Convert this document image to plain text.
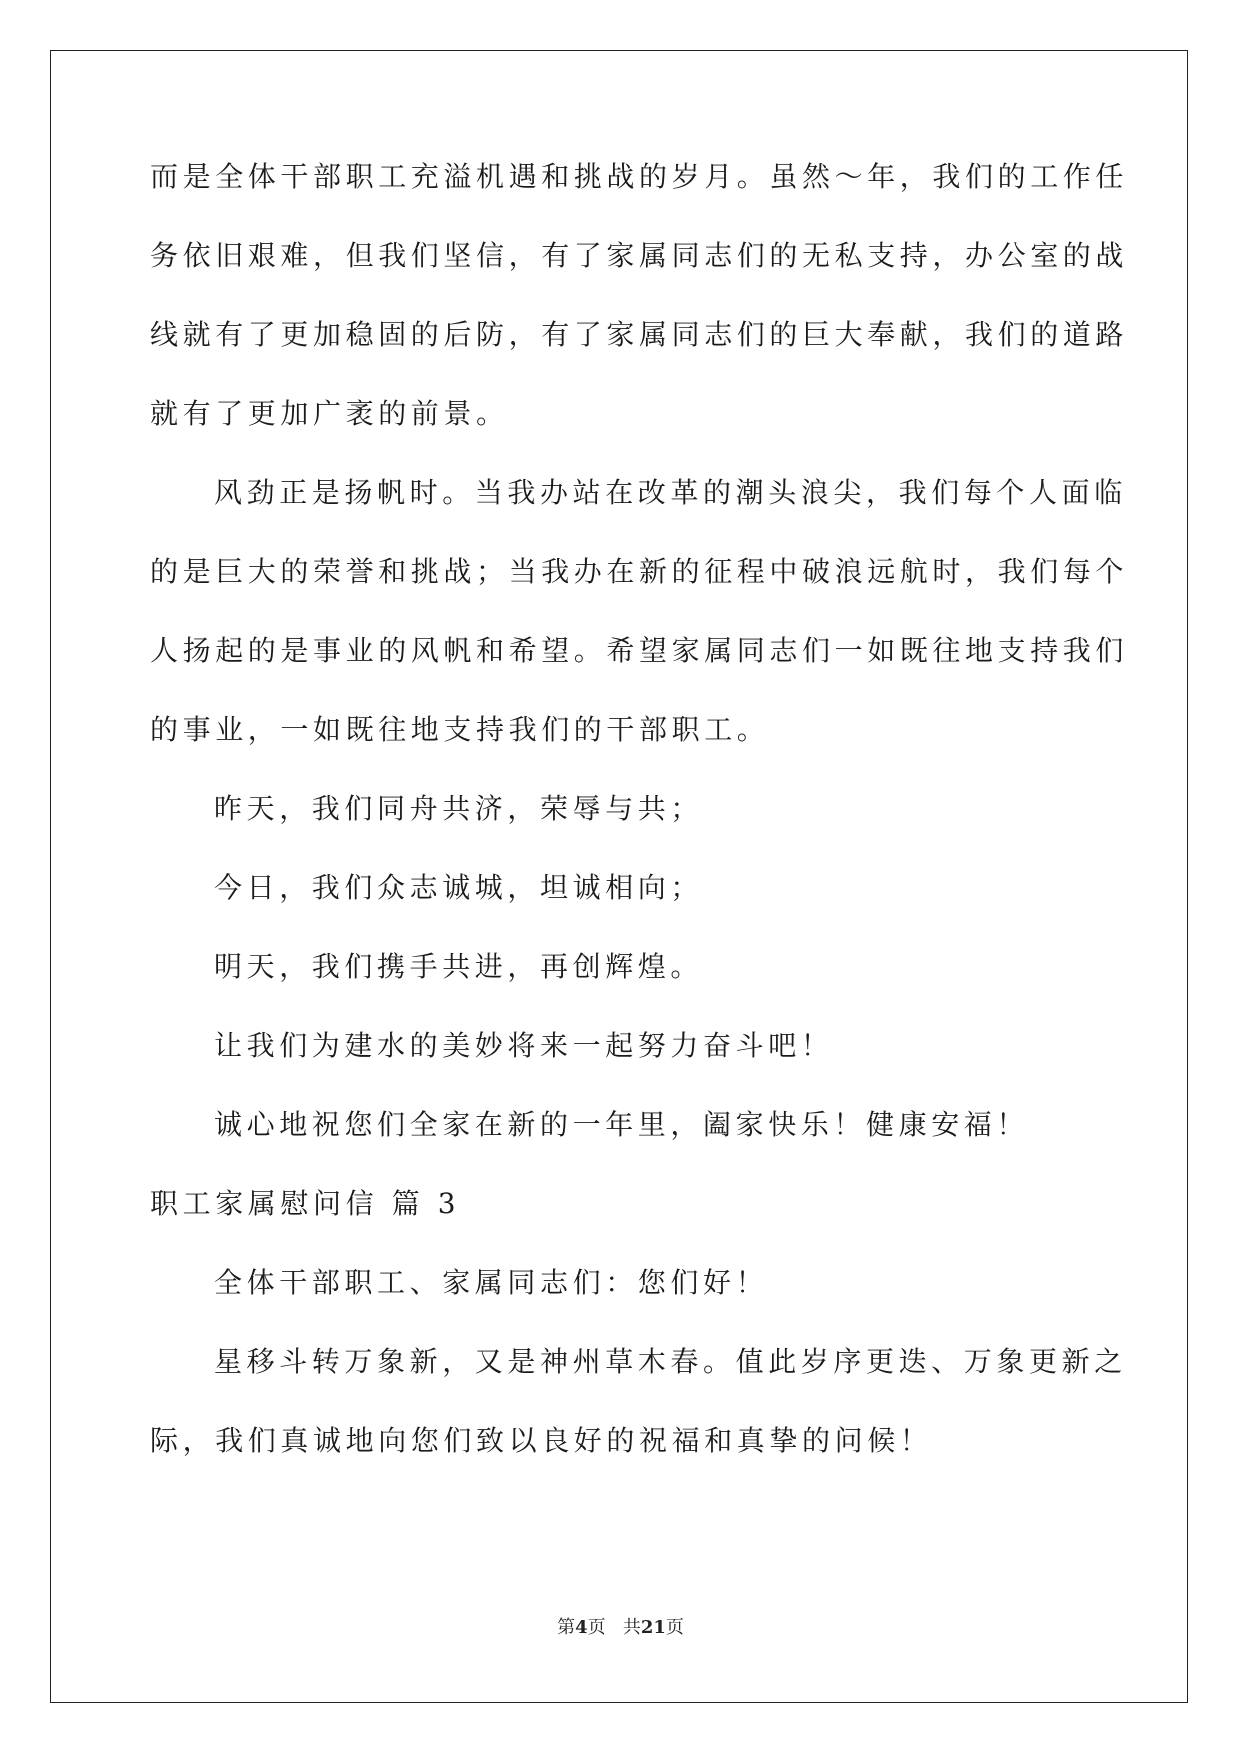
而是全体干部职工充溢机遇和挑战的岁月。虽然～年，我们的工作任
务依旧艰难，但我们坚信，有了家属同志们的无私支持，办公室的战
线就有了更加稳固的后防，有了家属同志们的巨大奉献，我们的道路
就有了更加广袤的前景。
风劲正是扬帆时。当我办站在改革的潮头浪尖，我们每个人面临
的是巨大的荣誉和挑战；当我办在新的征程中破浪远航时，我们每个
人扬起的是事业的风帆和希望。希望家属同志们一如既往地支持我们
的事业，一如既往地支持我们的干部职工。
昨天，我们同舟共济，荣辱与共；
今日，我们众志诚城，坦诚相向；
明天，我们携手共进，再创辉煌。
让我们为建水的美妙将来一起努力奋斗吧！
诚心地祝您们全家在新的一年里，阖家快乐！健康安福！
职工家属慰问信 篇 3
全体干部职工、家属同志们：您们好！
星移斗转万象新，又是神州草木春。值此岁序更迭、万象更新之
际，我们真诚地向您们致以良好的祝福和真挚的问候！
第4页 共21页
